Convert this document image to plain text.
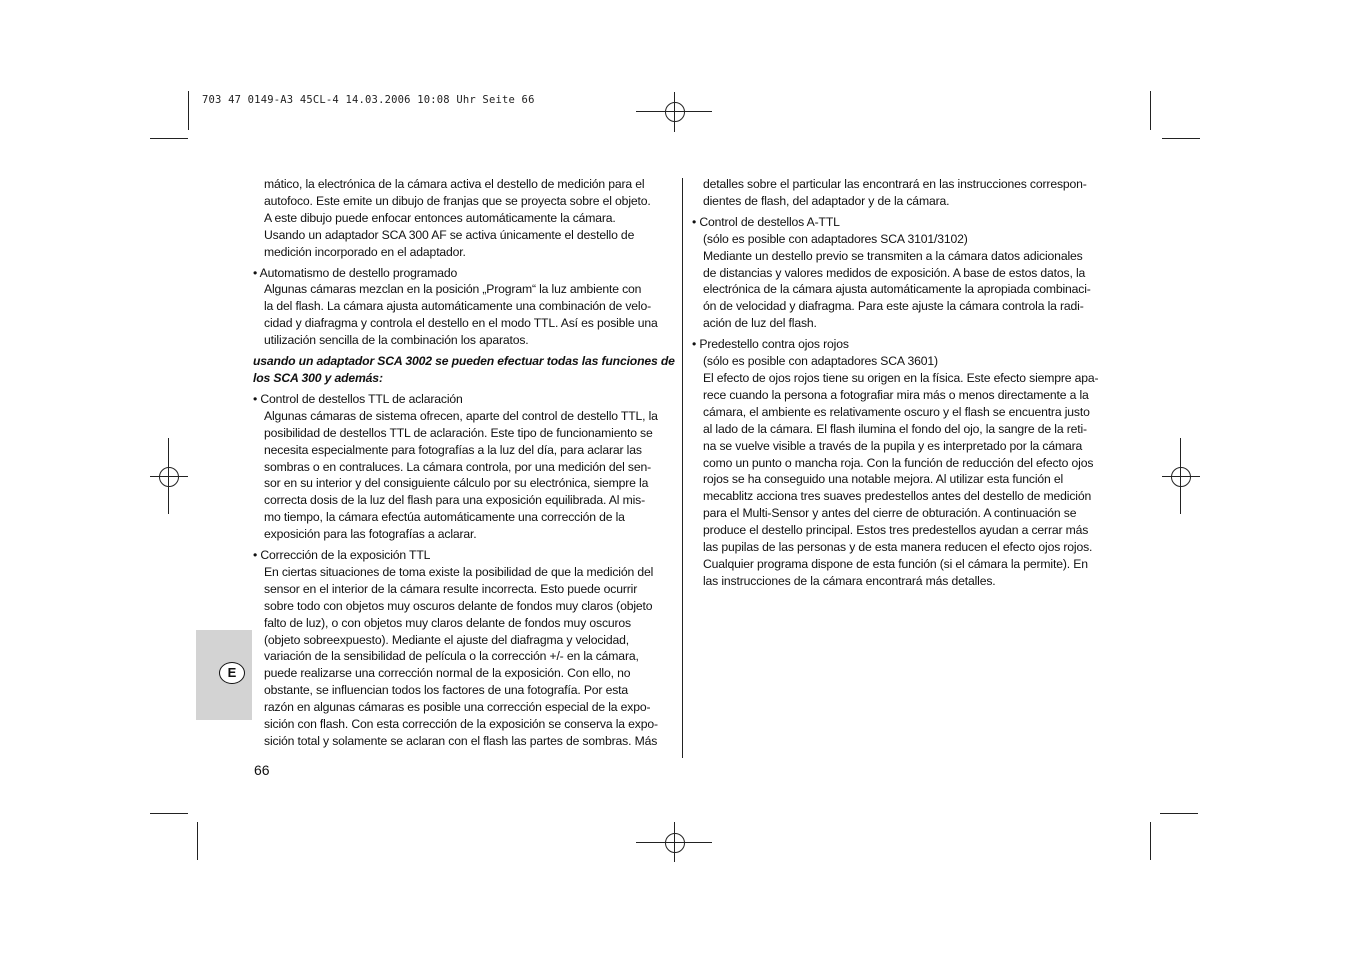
703 47 0149-A3 45CL-4 14.03.2006 10:08 Uhr Seite 66

mático, la electrónica de la cámara activa el destello de medición para el

autofoco. Este emite un dibujo de franjas que se proyecta sobre el objeto.

A este dibujo puede enfocar entonces automáticamente la cámara.

Usando un adaptador SCA 300 AF se activa únicamente el destello de

medición incorporado en el adaptador.

• Automatismo de destello programado

Algunas cámaras mezclan en la posición „Program“ la luz ambiente con

la del flash. La cámara ajusta automáticamente una combinación de velo-

cidad y diafragma y controla el destello en el modo TTL. Así es posible una

utilización sencilla de la combinación los aparatos.

usando un adaptador SCA 3002 se pueden efectuar todas las funciones de

los SCA 300 y además:

• Control de destellos TTL de aclaración

Algunas cámaras de sistema ofrecen, aparte del control de destello TTL, la

posibilidad de destellos TTL de aclaración. Este tipo de funcionamiento se

necesita especialmente para fotografías a la luz del día, para aclarar las

sombras o en contraluces. La cámara controla, por una medición del sen-

sor en su interior y del consiguiente cálculo por su electrónica, siempre la

correcta dosis de la luz del flash para una exposición equilibrada. Al mis-

mo tiempo, la cámara efectúa automáticamente una corrección de la

exposición para las fotografías a aclarar.

• Corrección de la exposición TTL

En ciertas situaciones de toma existe la posibilidad de que la medición del

sensor en el interior de la cámara resulte incorrecta. Esto puede ocurrir

sobre todo con objetos muy oscuros delante de fondos muy claros (objeto

falto de luz), o con objetos muy claros delante de fondos muy oscuros

(objeto sobreexpuesto). Mediante el ajuste del diafragma y velocidad,

variación de la sensibilidad de película o la corrección +/- en la cámara,

puede realizarse una corrección normal de la exposición. Con ello, no

obstante, se influencian todos los factores de una fotografía. Por esta

razón en algunas cámaras es posible una corrección especial de la expo-

sición con flash. Con esta corrección de la exposición se conserva la expo-

sición total y solamente se aclaran con el flash las partes de sombras. Más

detalles sobre el particular las encontrará en las instrucciones correspon-

dientes de flash, del adaptador y de la cámara.

• Control de destellos A-TTL

(sólo es posible con adaptadores SCA 3101/3102)

Mediante un destello previo se transmiten a la cámara datos adicionales

de distancias y valores medidos de exposición. A base de estos datos, la

electrónica de la cámara ajusta automáticamente la apropiada combinaci-

ón de velocidad y diafragma. Para este ajuste la cámara controla la radi-

ación de luz del flash.

• Predestello contra ojos rojos

(sólo es posible con adaptadores SCA 3601)

El efecto de ojos rojos tiene su origen en la física. Este efecto siempre apa-

rece cuando la persona a fotografiar mira más o menos directamente a la

cámara, el ambiente es relativamente oscuro y el flash se encuentra justo

al lado de la cámara. El flash ilumina el fondo del ojo, la sangre de la reti-

na se vuelve visible a través de la pupila y es interpretado por la cámara

como un punto o mancha roja. Con la función de reducción del efecto ojos

rojos se ha conseguido una notable mejora. Al utilizar esta función el

mecablitz acciona tres suaves predestellos antes del destello de medición

para el Multi-Sensor y antes del cierre de obturación. A continuación se

produce el destello principal. Estos tres predestellos ayudan a cerrar más

las pupilas de las personas y de esta manera reducen el efecto ojos rojos.

Cualquier programa dispone de esta función (si el cámara la permite). En

las instrucciones de la cámara encontrará más detalles.

E
66
